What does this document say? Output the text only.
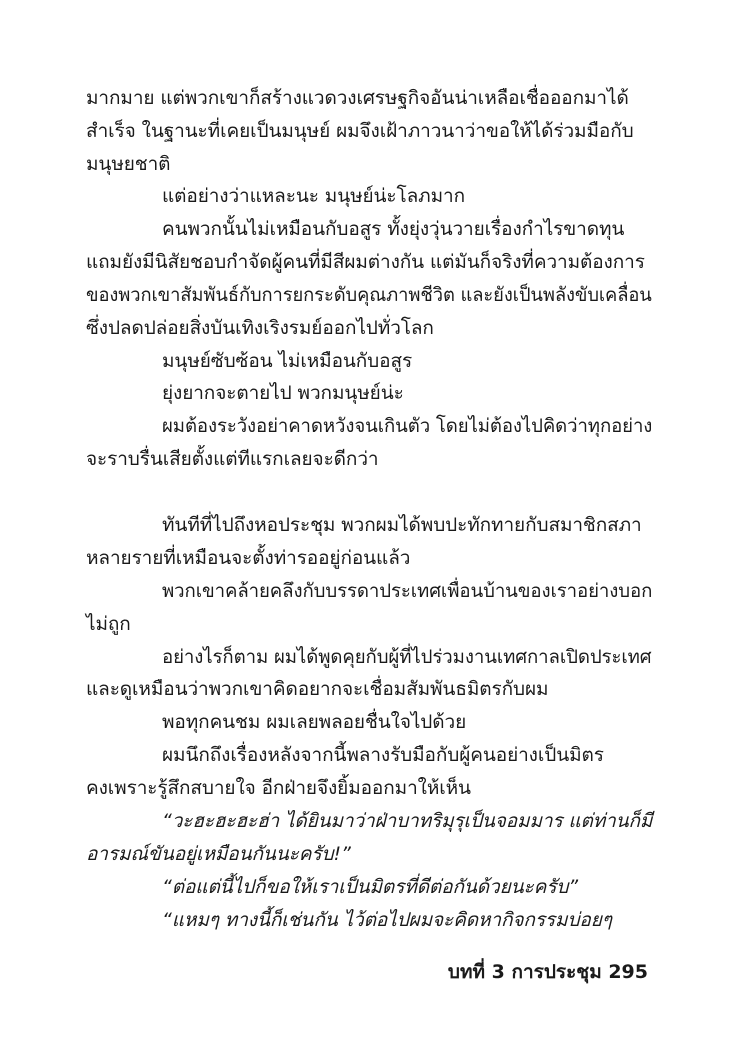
มากมาย แต่พวกเขาก็สร้างแวดวงเศรษฐกิจอันน่าเหลือเชื่อออกมาได้
สำเร็จ ในฐานะที่เคยเป็นมนุษย์ ผมจึงเฝ้าภาวนาว่าขอให้ได้ร่วมมือกับ
มนุษยชาติ
แต่อย่างว่าแหละนะ มนุษย์น่ะโลภมาก
คนพวกนั้นไม่เหมือนกับอสูร ทั้งยุ่งวุ่นวายเรื่องกำไรขาดทุน
แถมยังมีนิสัยชอบกำจัดผู้คนที่มีสีผมต่างกัน แต่มันก็จริงที่ความต้องการ
ของพวกเขาสัมพันธ์กับการยกระดับคุณภาพชีวิต และยังเป็นพลังขับเคลื่อน
ซึ่งปลดปล่อยสิ่งบันเทิงเริงรมย์ออกไปทั่วโลก
มนุษย์ซับซ้อน ไม่เหมือนกับอสูร
ยุ่งยากจะตายไป พวกมนุษย์น่ะ
ผมต้องระวังอย่าคาดหวังจนเกินตัว โดยไม่ต้องไปคิดว่าทุกอย่าง
จะราบรื่นเสียตั้งแต่ทีแรกเลยจะดีกว่า
ทันทีที่ไปถึงหอประชุม พวกผมได้พบปะทักทายกับสมาชิกสภา
หลายรายที่เหมือนจะตั้งท่ารออยู่ก่อนแล้ว
พวกเขาคล้ายคลึงกับบรรดาประเทศเพื่อนบ้านของเราอย่างบอก
ไม่ถูก
อย่างไรก็ตาม ผมได้พูดคุยกับผู้ที่ไปร่วมงานเทศกาลเปิดประเทศ
และดูเหมือนว่าพวกเขาคิดอยากจะเชื่อมสัมพันธมิตรกับผม
พอทุกคนชม ผมเลยพลอยชื่นใจไปด้วย
ผมนึกถึงเรื่องหลังจากนี้พลางรับมือกับผู้คนอย่างเป็นมิตร
คงเพราะรู้สึกสบายใจ อีกฝ่ายจึงยิ้มออกมาให้เห็น
“วะฮะฮะฮะฮ่า ได้ยินมาว่าฝ่าบาทริมุรุเป็นจอมมาร แต่ท่านก็มี
อารมณ์ขันอยู่เหมือนกันนะครับ!”
“ต่อแต่นี้ไปก็ขอให้เราเป็นมิตรที่ดีต่อกันด้วยนะครับ”
“แหมๆ ทางนี้ก็เช่นกัน ไว้ต่อไปผมจะคิดหากิจกรรมบ่อยๆ
บทที่ 3 การประชุม 295
